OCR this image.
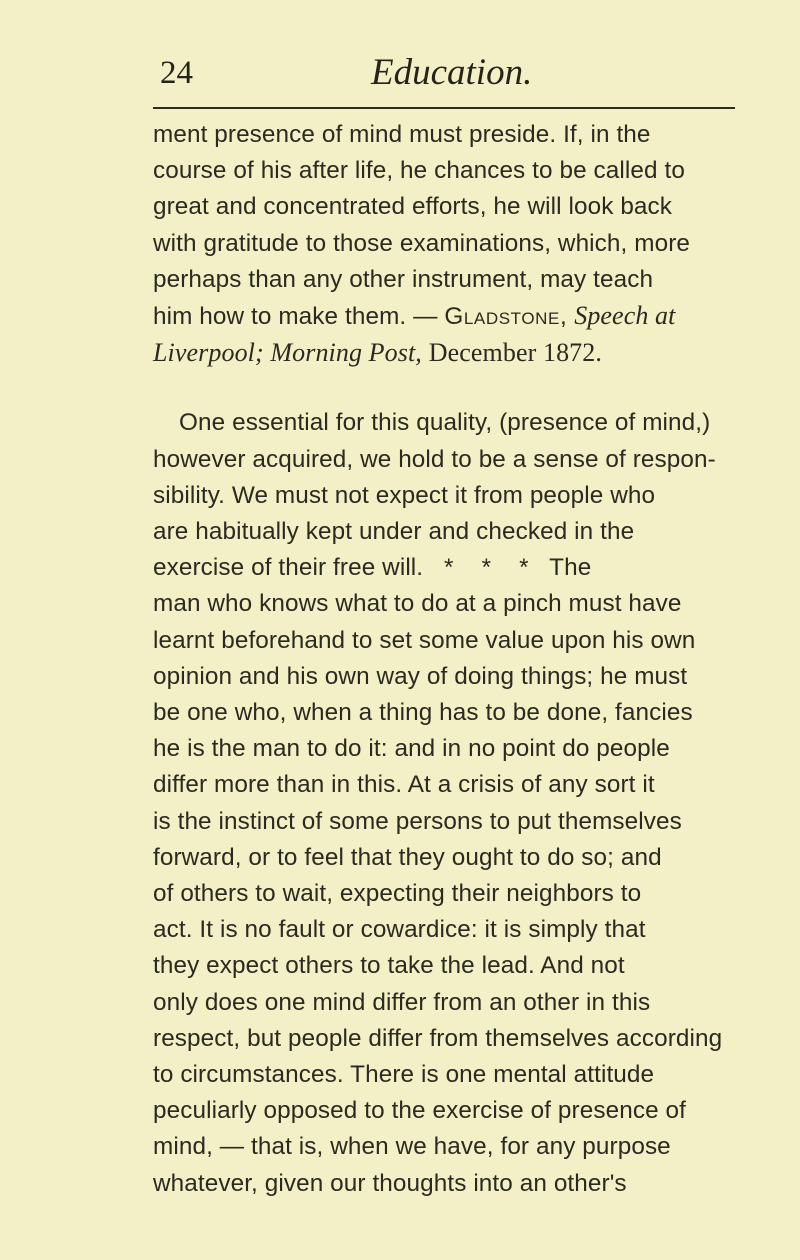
24	Education.
ment presence of mind must preside. If, in the
course of his after life, he chances to be called to
great and concentrated efforts, he will look back
with gratitude to those examinations, which, more
perhaps than any other instrument, may teach
him how to make them. — Gladstone, Speech at
Liverpool; Morning Post, December 1872.
One essential for this quality, (presence of mind,)
however acquired, we hold to be a sense of respon-
sibility. We must not expect it from people who
are habitually kept under and checked in the
exercise of their free will. * * * The
man who knows what to do at a pinch must have
learnt beforehand to set some value upon his own
opinion and his own way of doing things; he must
be one who, when a thing has to be done, fancies
he is the man to do it: and in no point do people
differ more than in this. At a crisis of any sort it
is the instinct of some persons to put themselves
forward, or to feel that they ought to do so; and
of others to wait, expecting their neighbors to
act. It is no fault or cowardice: it is simply that
they expect others to take the lead. And not
only does one mind differ from an other in this
respect, but people differ from themselves according
to circumstances. There is one mental attitude
peculiarly opposed to the exercise of presence of
mind, — that is, when we have, for any purpose
whatever, given our thoughts into an other's
